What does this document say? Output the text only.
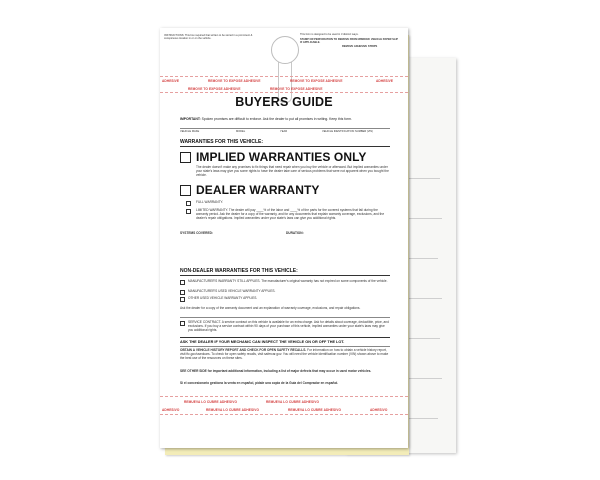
INSTRUCTIONS: This box required that written to be stored in a prominent & conspicuous location in or on the vehicle.
This form is designed to be used in 3 distinct ways.
STAMP OR PERFORATION TO REMOVE FROM WINDOW. VEHICLE PAPER SLIP IF APPLICABLE.
REMOVE ADHESIVE STRIPS
ADHESIVE	REMOVE TO EXPOSE ADHESIVE	REMOVE TO EXPOSE ADHESIVE	ADHESIVE
REMOVE TO EXPOSE ADHESIVE	REMOVE TO EXPOSE ADHESIVE
BUYERS GUIDE
IMPORTANT: Spoken promises are difficult to enforce. Ask the dealer to put all promises in writing. Keep this form.
VEHICLE MAKE	MODEL	YEAR	VEHICLE IDENTIFICATION NUMBER (VIN)
WARRANTIES FOR THIS VEHICLE:
IMPLIED WARRANTIES ONLY
The dealer doesn't make any promises to fix things that need repair when you buy the vehicle or afterward. But implied warranties under your state's laws may give you some rights to have the dealer take care of serious problems that were not apparent when you bought the vehicle.
DEALER WARRANTY
FULL WARRANTY.
LIMITED WARRANTY. The dealer will pay ____% of the labor and ____% of the parts for the covered systems that fail during the warranty period. Ask the dealer for a copy of the warranty, and for any documents that explain warranty coverage, exclusions, and the dealer's repair obligations. Implied warranties under your state's laws can give you additional rights.
SYSTEMS COVERED:	DURATION:
NON-DEALER WARRANTIES FOR THIS VEHICLE:
MANUFACTURER'S WARRANTY STILL APPLIES. The manufacturer's original warranty has not expired on some components of the vehicle.
MANUFACTURER'S USED VEHICLE WARRANTY APPLIES.
OTHER USED VEHICLE WARRANTY APPLIES.
Ask the dealer for a copy of the warranty document and an explanation of warranty coverage, exclusions, and repair obligations.
SERVICE CONTRACT. A service contract on this vehicle is available for an extra charge. Ask for details about coverage, deductible, price, and exclusions. If you buy a service contract within 90 days of your purchase of this vehicle, implied warranties under your state's laws may give you additional rights.
ASK THE DEALER IF YOUR MECHANIC CAN INSPECT THE VEHICLE ON OR OFF THE LOT.
OBTAIN A VEHICLE HISTORY REPORT AND CHECK FOR OPEN SAFETY RECALLS. For information on how to obtain a vehicle history report, visit ftc.gov/usedcars. To check for open safety recalls, visit safercar.gov. You will need the vehicle identification number (VIN) shown above to make the best use of the resources on these sites.
SEE OTHER SIDE for important additional information, including a list of major defects that may occur in used motor vehicles.
Si el concesionario gestiona la venta en español, pídale una copia de la Guía del Comprador en español.
REMUEVA LO CUBRE ADHESIVO	REMUEVA LO CUBRE ADHESIVO
ADHESIVO	REMUEVA LO CUBRE ADHESIVO	REMUEVA LO CUBRE ADHESIVO	ADHESIVO
